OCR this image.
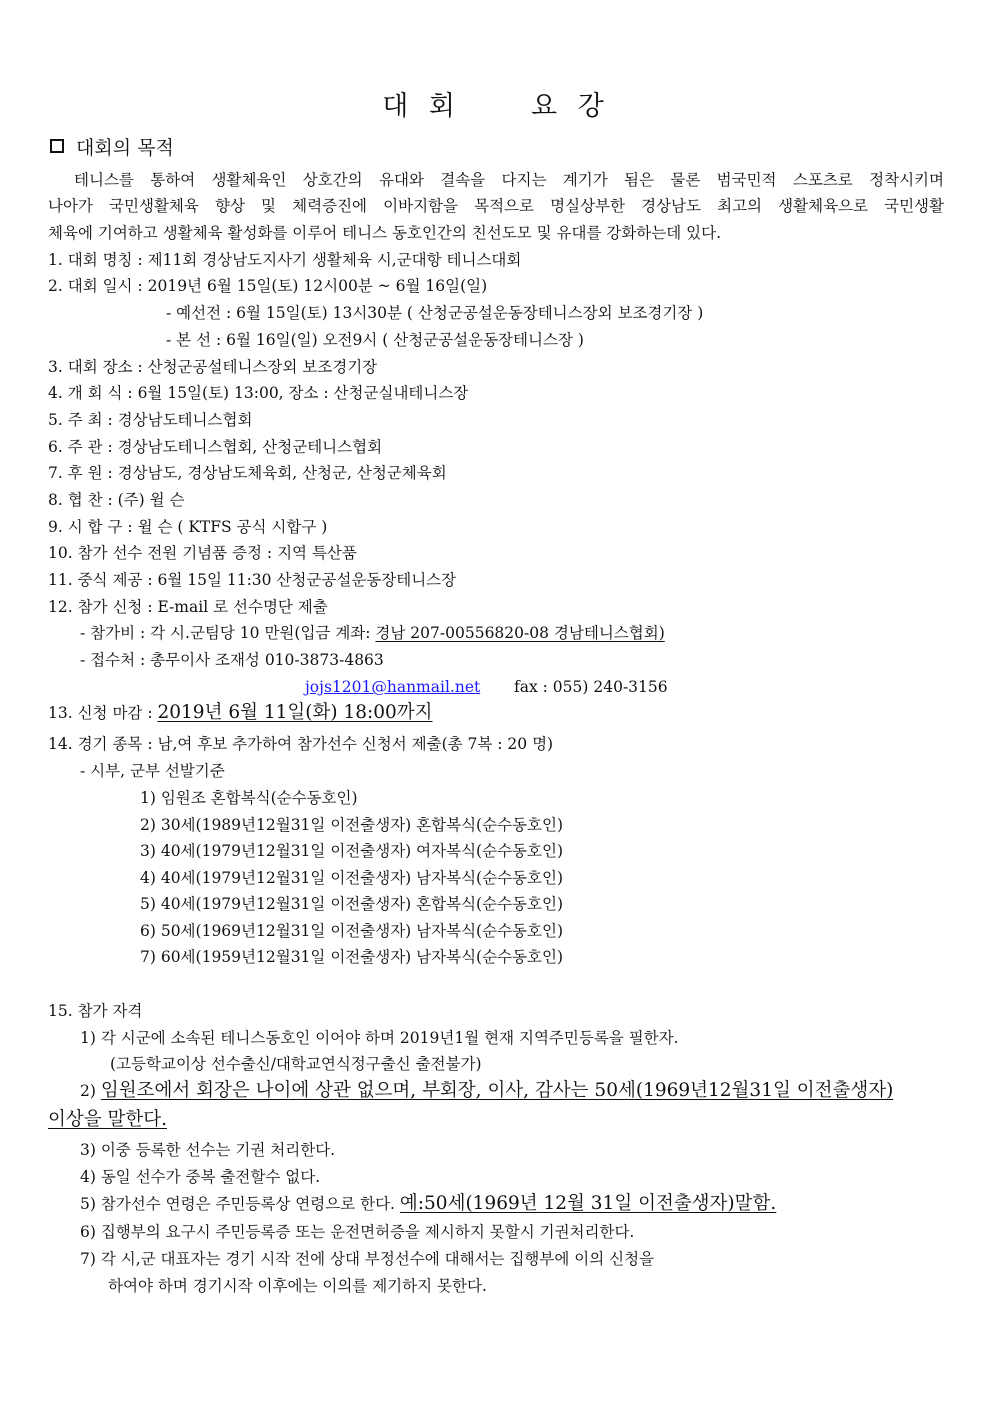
대 회	요 강
대회의 목적
테니스를 통하여 생활체육인 상호간의 유대와 결속을 다지는 계기가 됨은 물론 범국민적 스포츠로 정착시키며
나아가 국민생활체육 향상 및 체력증진에 이바지함을 목적으로 명실상부한 경상남도 최고의 생활체육으로 국민생활
체육에 기여하고 생활체육 활성화를 이루어 테니스 동호인간의 친선도모 및 유대를 강화하는데 있다.
1. 대회 명칭 : 제11회 경상남도지사기 생활체육 시,군대항 테니스대회
2. 대회 일시 : 2019년 6월 15일(토) 12시00분 ~ 6월 16일(일)
- 예선전 : 6월 15일(토) 13시30분 ( 산청군공설운동장테니스장외 보조경기장 )
- 본 선 : 6월 16일(일) 오전9시 ( 산청군공설운동장테니스장 )
3. 대회 장소 : 산청군공설테니스장외 보조경기장
4. 개 회 식 : 6월 15일(토) 13:00, 장소 : 산청군실내테니스장
5. 주 최 : 경상남도테니스협회
6. 주 관 : 경상남도테니스협회, 산청군테니스협회
7. 후 원 : 경상남도, 경상남도체육회, 산청군, 산청군체육회
8. 협 찬 : (주) 윌 슨
9. 시 합 구 : 윌 슨 ( KTFS 공식 시합구 )
10. 참가 선수 전원 기념품 증정 : 지역 특산품
11. 중식 제공 : 6월 15일 11:30 산청군공설운동장테니스장
12. 참가 신청 : E-mail 로 선수명단 제출
- 참가비 : 각 시.군팀당 10 만원(입금 계좌: 경남 207-00556820-08 경남테니스협회)
- 접수처 : 총무이사 조재성 010-3873-4863
jojs1201@hanmail.net fax : 055) 240-3156
13. 신청 마감 : 2019년 6월 11일(화) 18:00까지
14. 경기 종목 : 남,여 후보 추가하여 참가선수 신청서 제출(총 7복 : 20 명)
- 시부, 군부 선발기준
1) 임원조 혼합복식(순수동호인)
2) 30세(1989년12월31일 이전출생자) 혼합복식(순수동호인)
3) 40세(1979년12월31일 이전출생자) 여자복식(순수동호인)
4) 40세(1979년12월31일 이전출생자) 남자복식(순수동호인)
5) 40세(1979년12월31일 이전출생자) 혼합복식(순수동호인)
6) 50세(1969년12월31일 이전출생자) 남자복식(순수동호인)
7) 60세(1959년12월31일 이전출생자) 남자복식(순수동호인)
15. 참가 자격
1) 각 시군에 소속된 테니스동호인 이어야 하며 2019년1월 현재 지역주민등록을 필한자.
(고등학교이상 선수출신/대학교연식정구출신 출전불가)
2) 임원조에서 회장은 나이에 상관 없으며, 부회장, 이사, 감사는 50세(1969년12월31일 이전출생자)
이상을 말한다.
3) 이중 등록한 선수는 기권 처리한다.
4) 동일 선수가 중복 출전할수 없다.
5) 참가선수 연령은 주민등록상 연령으로 한다. 예:50세(1969년 12월 31일 이전출생자)말함.
6) 집행부의 요구시 주민등록증 또는 운전면허증을 제시하지 못할시 기권처리한다.
7) 각 시,군 대표자는 경기 시작 전에 상대 부정선수에 대해서는 집행부에 이의 신청을
하여야 하며 경기시작 이후에는 이의를 제기하지 못한다.
